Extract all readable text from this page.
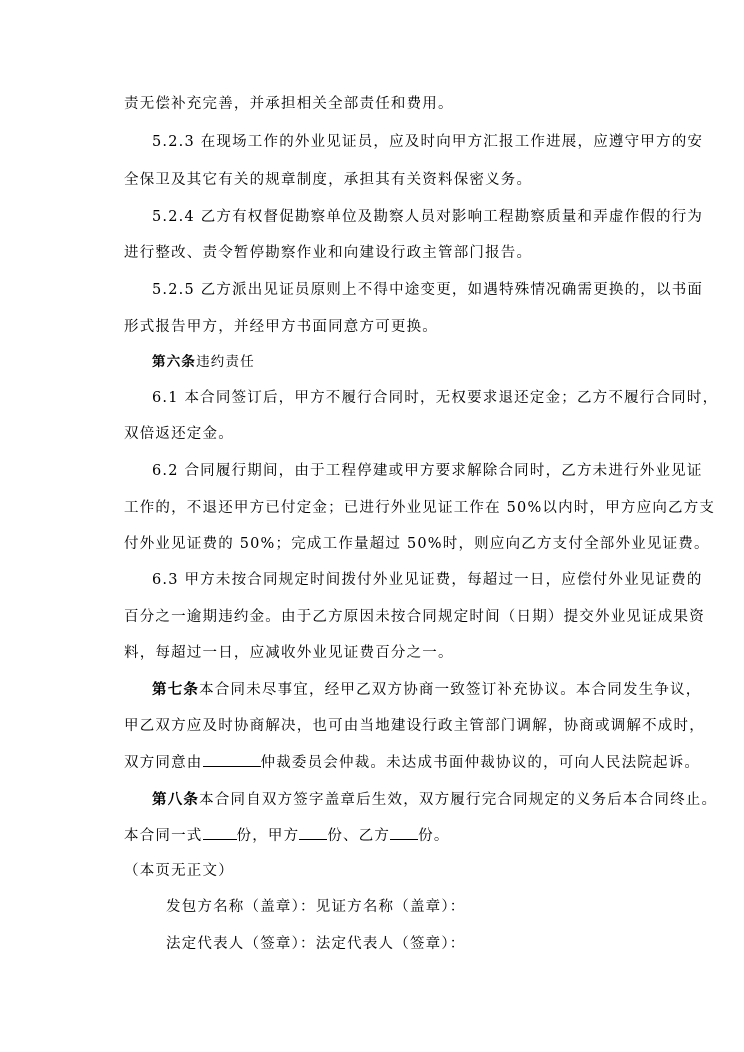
责无偿补充完善，并承担相关全部责任和费用。
5.2.3 在现场工作的外业见证员，应及时向甲方汇报工作进展，应遵守甲方的安
全保卫及其它有关的规章制度，承担其有关资料保密义务。
5.2.4 乙方有权督促勘察单位及勘察人员对影响工程勘察质量和弄虚作假的行为
进行整改、责令暂停勘察作业和向建设行政主管部门报告。
5.2.5 乙方派出见证员原则上不得中途变更，如遇特殊情况确需更换的，以书面
形式报告甲方，并经甲方书面同意方可更换。
第六条违约责任
6.1 本合同签订后，甲方不履行合同时，无权要求退还定金；乙方不履行合同时，
双倍返还定金。
6.2 合同履行期间，由于工程停建或甲方要求解除合同时，乙方未进行外业见证
工作的，不退还甲方已付定金；已进行外业见证工作在 50%以内时，甲方应向乙方支
付外业见证费的 50%；完成工作量超过 50%时，则应向乙方支付全部外业见证费。
6.3 甲方未按合同规定时间拨付外业见证费，每超过一日，应偿付外业见证费的
百分之一逾期违约金。由于乙方原因未按合同规定时间（日期）提交外业见证成果资
料，每超过一日，应减收外业见证费百分之一。
第七条本合同未尽事宜，经甲乙双方协商一致签订补充协议。本合同发生争议，
甲乙双方应及时协商解决，也可由当地建设行政主管部门调解，协商或调解不成时，
双方同意由	仲裁委员会仲裁。未达成书面仲裁协议的，可向人民法院起诉。
第八条本合同自双方签字盖章后生效，双方履行完合同规定的义务后本合同终止。
本合同一式 份，甲方 份、乙方 份。
（本页无正文）
发包方名称（盖章）：见证方名称（盖章）：
法定代表人（签章）：法定代表人（签章）：
